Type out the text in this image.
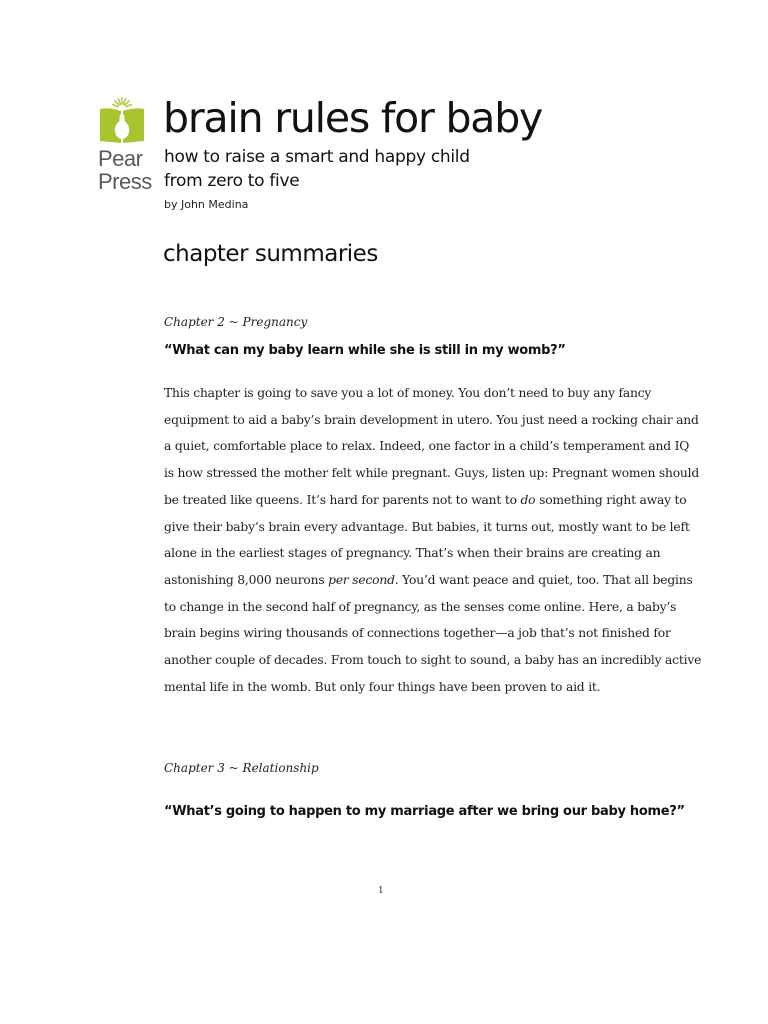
Pear
Press
brain rules for baby
how to raise a smart and happy child
from zero to five
by John Medina
chapter summaries
Chapter 2 ~ Pregnancy
“What can my baby learn while she is still in my womb?”
This chapter is going to save you a lot of money. You don’t need to buy any fancy
equipment to aid a baby’s brain development in utero. You just need a rocking chair and
a quiet, comfortable place to relax. Indeed, one factor in a child’s temperament and IQ
is how stressed the mother felt while pregnant. Guys, listen up: Pregnant women should
be treated like queens. It’s hard for parents not to want to do something right away to
give their baby’s brain every advantage. But babies, it turns out, mostly want to be left
alone in the earliest stages of pregnancy. That’s when their brains are creating an
astonishing 8,000 neurons per second. You’d want peace and quiet, too. That all begins
to change in the second half of pregnancy, as the senses come online. Here, a baby’s
brain begins wiring thousands of connections together—a job that’s not finished for
another couple of decades. From touch to sight to sound, a baby has an incredibly active
mental life in the womb. But only four things have been proven to aid it.
Chapter 3 ~ Relationship
“What’s going to happen to my marriage after we bring our baby home?”
1
